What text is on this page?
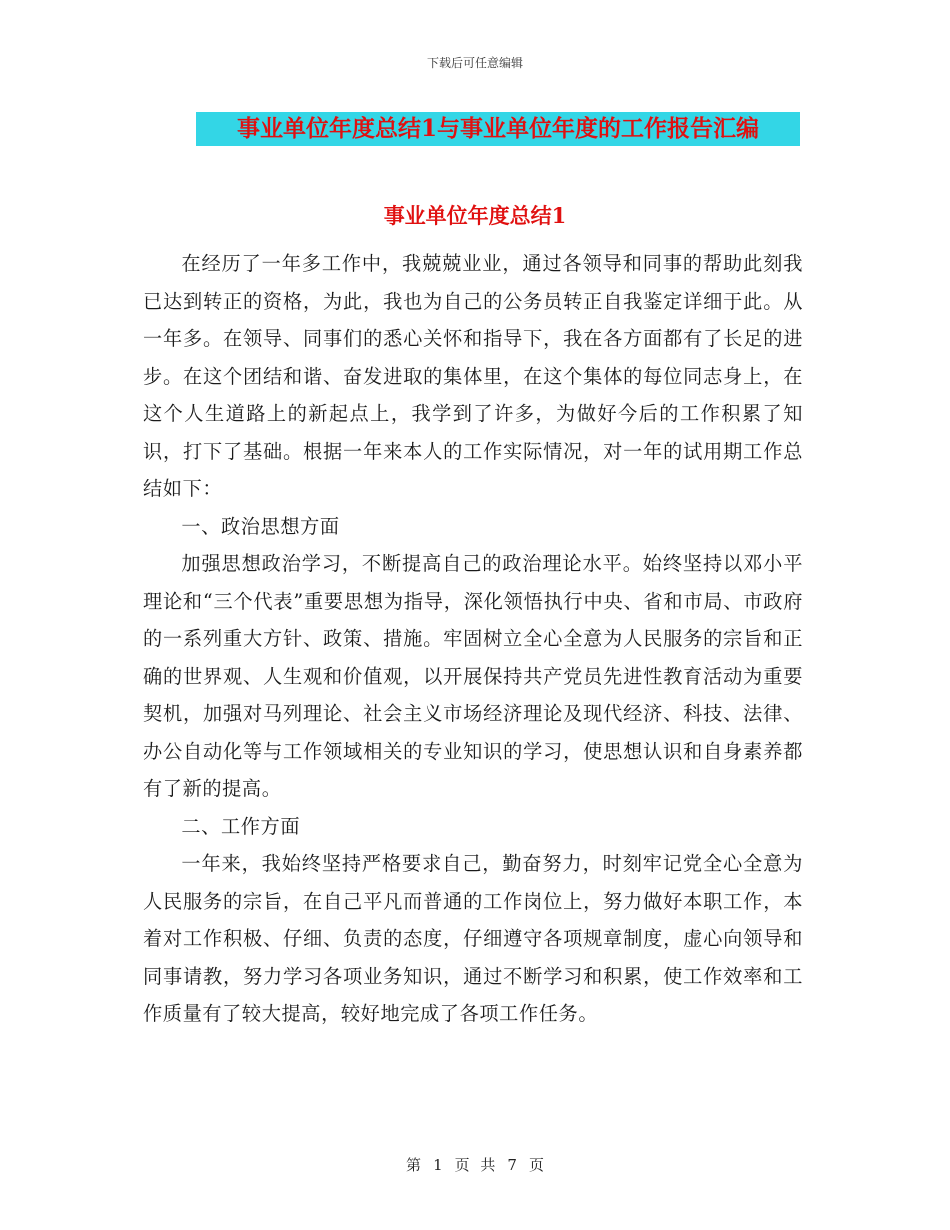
下载后可任意编辑
事业单位年度总结1与事业单位年度的工作报告汇编
事业单位年度总结1

在经历了一年多工作中，我兢兢业业，通过各领导和同事的帮助此刻我已达到转正的资格，为此，我也为自己的公务员转正自我鉴定详细于此。从一年多。在领导、同事们的悉心关怀和指导下，我在各方面都有了长足的进步。在这个团结和谐、奋发进取的集体里，在这个集体的每位同志身上，在这个人生道路上的新起点上，我学到了许多，为做好今后的工作积累了知识，打下了基础。根据一年来本人的工作实际情况，对一年的试用期工作总结如下：

一、政治思想方面

加强思想政治学习，不断提高自己的政治理论水平。始终坚持以邓小平理论和“三个代表”重要思想为指导，深化领悟执行中央、省和市局、市政府的一系列重大方针、政策、措施。牢固树立全心全意为人民服务的宗旨和正确的世界观、人生观和价值观，以开展保持共产党员先进性教育活动为重要契机，加强对马列理论、社会主义市场经济理论及现代经济、科技、法律、办公自动化等与工作领域相关的专业知识的学习，使思想认识和自身素养都有了新的提高。

二、工作方面

一年来，我始终坚持严格要求自己，勤奋努力，时刻牢记党全心全意为人民服务的宗旨，在自己平凡而普通的工作岗位上，努力做好本职工作，本着对工作积极、仔细、负责的态度，仔细遵守各项规章制度，虚心向领导和同事请教，努力学习各项业务知识，通过不断学习和积累，使工作效率和工作质量有了较大提高，较好地完成了各项工作任务。

第 1 页 共 7 页
